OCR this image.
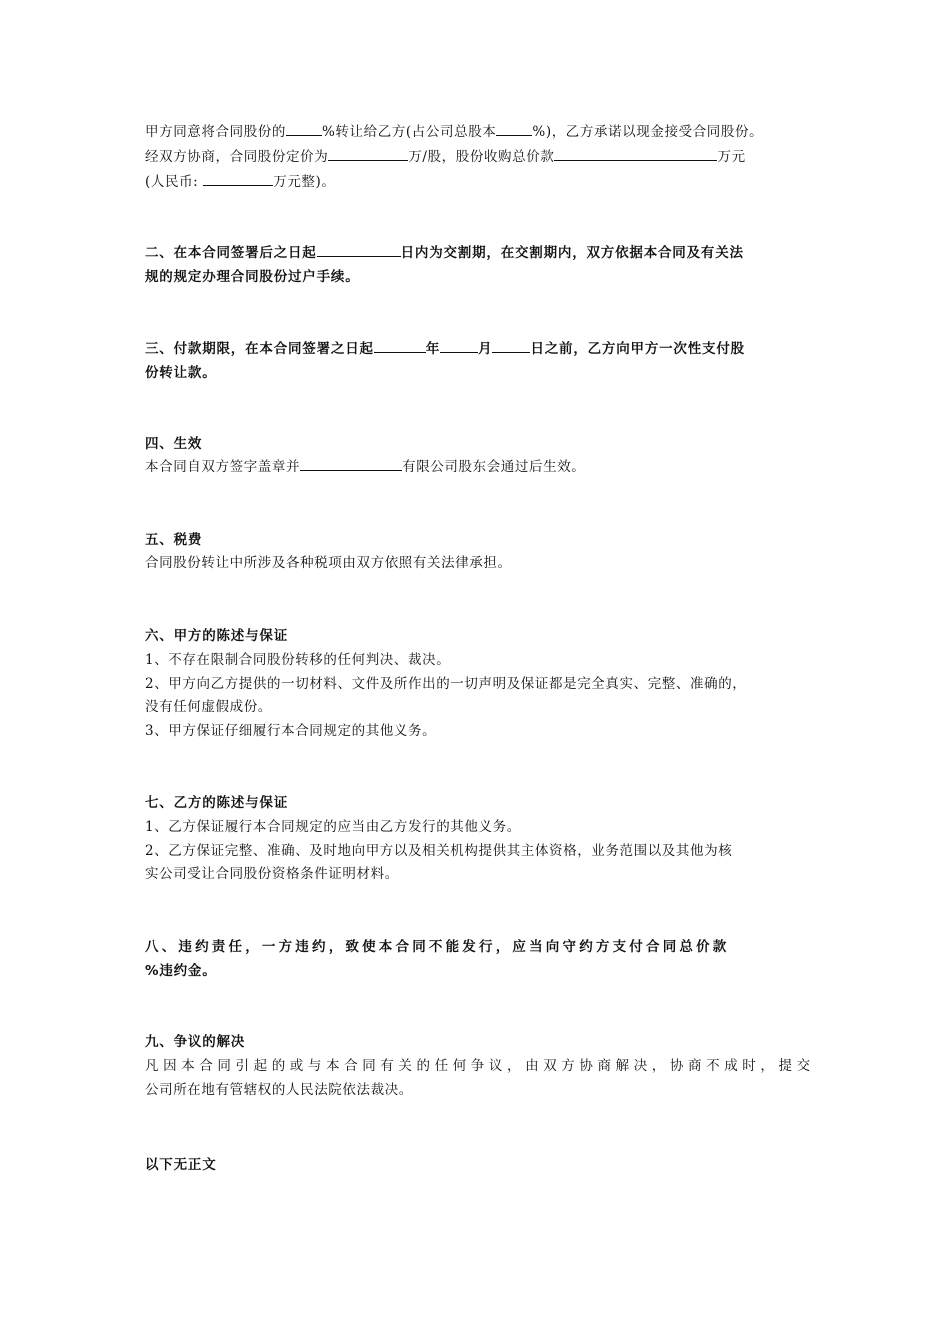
甲方同意将合同股份的	%转让给乙方(占公司总股本	%)，乙方承诺以现金接受合同股份。
经双方协商，合同股份定价为	万/股，股份收购总价款	万元
(人民币:	万元整)。
二、在本合同签署后之日起	日内为交割期，在交割期内，双方依据本合同及有关法
规的规定办理合同股份过户手续。
三、付款期限，在本合同签署之日起	年	月	日之前，乙方向甲方一次性支付股
份转让款。
四、生效
本合同自双方签字盖章并	有限公司股东会通过后生效。
五、税费
合同股份转让中所涉及各种税项由双方依照有关法律承担。
六、甲方的陈述与保证
1、不存在限制合同股份转移的任何判决、裁决。
2、甲方向乙方提供的一切材料、文件及所作出的一切声明及保证都是完全真实、完整、准确的，
没有任何虚假成份。
3、甲方保证仔细履行本合同规定的其他义务。
七、乙方的陈述与保证
1、乙方保证履行本合同规定的应当由乙方发行的其他义务。
2、乙方保证完整、准确、及时地向甲方以及相关机构提供其主体资格，业务范围以及其他为核
实公司受让合同股份资格条件证明材料。
八、违约责任，一方违约，致使本合同不能发行，应当向守约方支付合同总价款
%违约金。
九、争议的解决
凡因本合同引起的或与本合同有关的任何争议，由双方协商解决，协商不成时，提交
公司所在地有管辖权的人民法院依法裁决。
以下无正文
